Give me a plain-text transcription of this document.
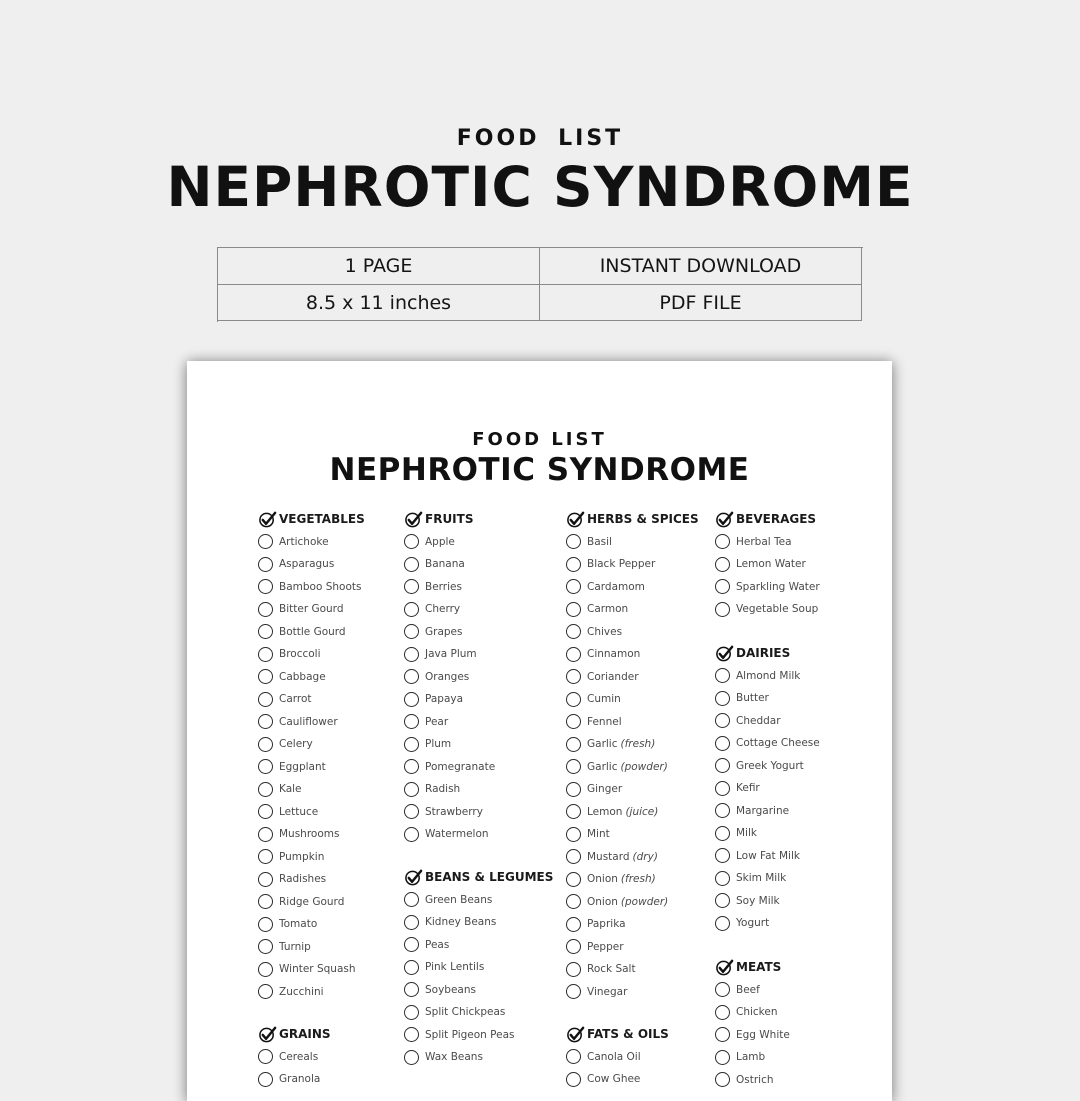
FOOD LIST
NEPHROTIC SYNDROME
1 PAGE	INSTANT DOWNLOAD
8.5 x 11 inches	PDF FILE
FOOD LIST
NEPHROTIC SYNDROME
VEGETABLES
Artichoke
Asparagus
Bamboo Shoots
Bitter Gourd
Bottle Gourd
Broccoli
Cabbage
Carrot
Cauliflower
Celery
Eggplant
Kale
Lettuce
Mushrooms
Pumpkin
Radishes
Ridge Gourd
Tomato
Turnip
Winter Squash
Zucchini
GRAINS
Cereals
Granola
FRUITS
Apple
Banana
Berries
Cherry
Grapes
Java Plum
Oranges
Papaya
Pear
Plum
Pomegranate
Radish
Strawberry
Watermelon
BEANS & LEGUMES
Green Beans
Kidney Beans
Peas
Pink Lentils
Soybeans
Split Chickpeas
Split Pigeon Peas
Wax Beans
HERBS & SPICES
Basil
Black Pepper
Cardamom
Carmon
Chives
Cinnamon
Coriander
Cumin
Fennel
Garlic (fresh)
Garlic (powder)
Ginger
Lemon (juice)
Mint
Mustard (dry)
Onion (fresh)
Onion (powder)
Paprika
Pepper
Rock Salt
Vinegar
FATS & OILS
Canola Oil
Cow Ghee
BEVERAGES
Herbal Tea
Lemon Water
Sparkling Water
Vegetable Soup
DAIRIES
Almond Milk
Butter
Cheddar
Cottage Cheese
Greek Yogurt
Kefir
Margarine
Milk
Low Fat Milk
Skim Milk
Soy Milk
Yogurt
MEATS
Beef
Chicken
Egg White
Lamb
Ostrich
